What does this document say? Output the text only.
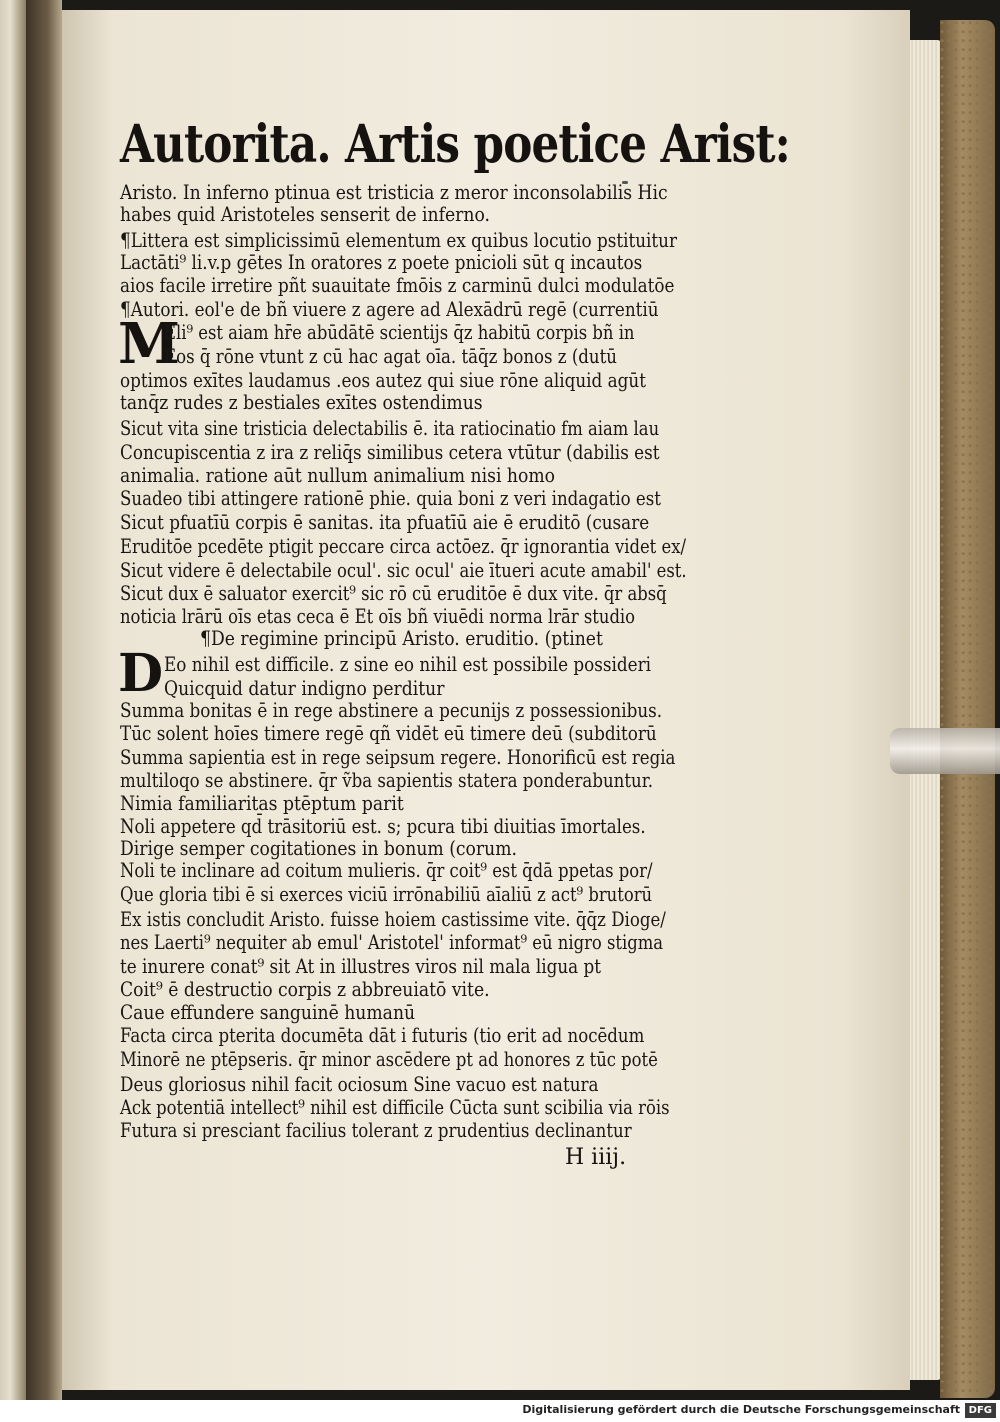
Autorita. Artis poetice Arist:
M
D
Aristo. In inferno ptinua est tristicia z meror inconsolabilis Hic
habes quid Aristoteles senserit de inferno.
¶Littera est simplicissimū elementum ex quibus locutio pstituitur
Lactāti⁹ li.v.p gētes In oratores z poete pnicioli sūt q incautos
aios facile irretire pñt suauitate fmōis z carminū dulci modulatōe
¶Autori. eol'e de bñ viuere z agere ad Alexādrū regē (currentiū
Eli⁹ est aiam hr̄e abūdātē scientijs q̄z habitū corpis bñ in
Eos q̄ rōne vtunt z cū hac agat oīa. tāq̄z bonos z (dutū
optimos exītes laudamus .eos autez qui siue rōne aliquid agūt
tanq̄z rudes z bestiales exītes ostendimus
Sicut vita sine tristicia delectabilis ē. ita ratiocinatio fm aiam lau
Concupiscentia z ira z reliq̄s similibus cetera vtūtur (dabilis est
animalia. ratione aūt nullum animalium nisi homo
Suadeo tibi attingere rationē phie. quia boni z veri indagatio est
Sicut pfuatīū corpis ē sanitas. ita pfuatīū aie ē eruditō (cusare
Eruditōe pcedēte ptigit peccare circa actōez. q̄r ignorantia videt ex/
Sicut videre ē delectabile ocul'. sic ocul' aie ītueri acute amabil' est.
Sicut dux ē saluator exercit⁹ sic rō cū eruditōe ē dux vite. q̄r absq̄
noticia lrārū oīs etas ceca ē Et oīs bñ viuēdi norma lrār studio
¶De regimine principū Aristo. eruditio. (ptinet
Eo nihil est difficile. z sine eo nihil est possibile possideri
Quicquid datur indigno perditur
Summa bonitas ē in rege abstinere a pecunijs z possessionibus.
Tūc solent hoīes timere regē qñ vidēt eū timere deū (subditorū
Summa sapientia est in rege seipsum regere. Honorificū est regia
multiloqo se abstinere. q̄r ṽba sapientis statera ponderabuntur.
Nimia familiaritas ptēptum parit
Noli appetere qd̄ trāsitoriū est. s; pcura tibi diuitias īmortales.
Dirige semper cogitationes in bonum (corum.
Noli te inclinare ad coitum mulieris. q̄r coit⁹ est q̄dā ppetas por/
Que gloria tibi ē si exerces viciū irrōnabiliū aīaliū z act⁹ brutorū
Ex istis concludit Aristo. fuisse hoiem castissime vite. q̄q̄z Dioge/
nes Laerti⁹ nequiter ab emul' Aristotel' informat⁹ eū nigro stigma
te inurere conat⁹ sit At in illustres viros nil mala ligua pt
Coit⁹ ē destructio corpis z abbreuiatō vite.
Caue effundere sanguinē humanū
Facta circa pterita documēta dāt i futuris (tio erit ad nocēdum
Minorē ne ptēpseris. q̄r minor ascēdere pt ad honores z tūc potē
Deus gloriosus nihil facit ociosum Sine vacuo est natura
Ack potentiā intellect⁹ nihil est difficile Cūcta sunt scibilia via rōis
Futura si presciant facilius tolerant z prudentius declinantur
H iiij.
Digitalisierung gefördert durch die Deutsche Forschungsgemeinschaft DFG
